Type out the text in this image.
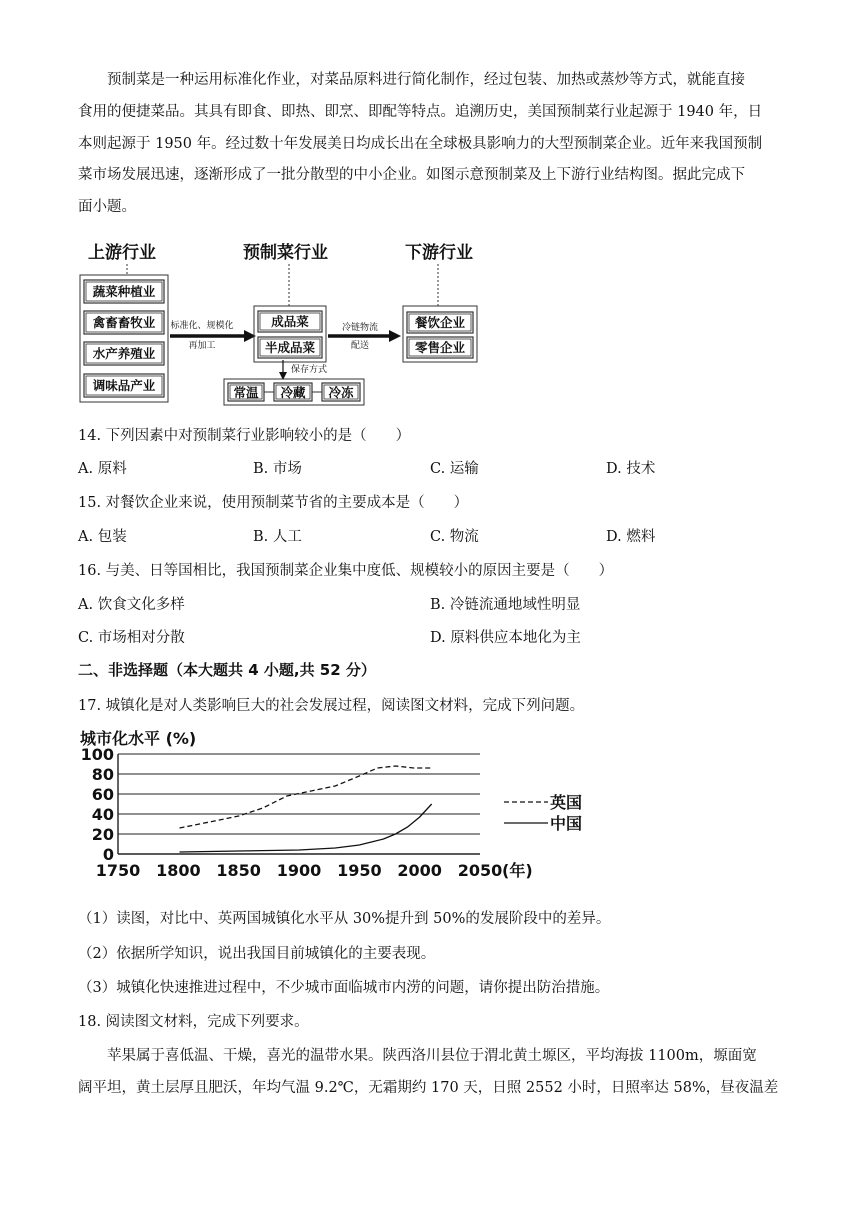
预制菜是一种运用标准化作业，对菜品原料进行简化制作，经过包装、加热或蒸炒等方式，就能直接
食用的便捷菜品。其具有即食、即热、即烹、即配等特点。追溯历史，美国预制菜行业起源于 1940 年，日
本则起源于 1950 年。经过数十年发展美日均成长出在全球极具影响力的大型预制菜企业。近年来我国预制
菜市场发展迅速，逐渐形成了一批分散型的中小企业。如图示意预制菜及上下游行业结构图。据此完成下
面小题。
上游行业	预制菜行业	下游行业
蔬菜种植业
禽畜畜牧业
水产养殖业
调味品产业
标准化、规模化
再加工
成品菜
半成品菜
冷链物流
配送
餐饮企业
零售企业
保存方式
常温 冷藏 冷冻
14. 下列因素中对预制菜行业影响较小的是（　　）
A. 原料	B. 市场	C. 运输	D. 技术
15. 对餐饮企业来说，使用预制菜节省的主要成本是（　　）
A. 包装	B. 人工	C. 物流	D. 燃料
16. 与美、日等国相比，我国预制菜企业集中度低、规模较小的原因主要是（　　）
A. 饮食文化多样	B. 冷链流通地域性明显
C. 市场相对分散	D. 原料供应本地化为主
二、非选择题（本大题共 4 小题,共 52 分）
17. 城镇化是对人类影响巨大的社会发展过程，阅读图文材料，完成下列问题。
城市化水平 (%)
0
20
40
60
80
100
1750 1800 1850 1900 1950 2000 2050 (年)
英国
中国
（1）读图，对比中、英两国城镇化水平从 30%提升到 50%的发展阶段中的差异。
（2）依据所学知识，说出我国目前城镇化的主要表现。
（3）城镇化快速推进过程中，不少城市面临城市内涝的问题，请你提出防治措施。
18. 阅读图文材料，完成下列要求。
苹果属于喜低温、干燥，喜光的温带水果。陕西洛川县位于渭北黄土塬区，平均海拔 1100m，塬面宽
阔平坦，黄土层厚且肥沃，年均气温 9.2℃，无霜期约 170 天，日照 2552 小时，日照率达 58%，昼夜温差
